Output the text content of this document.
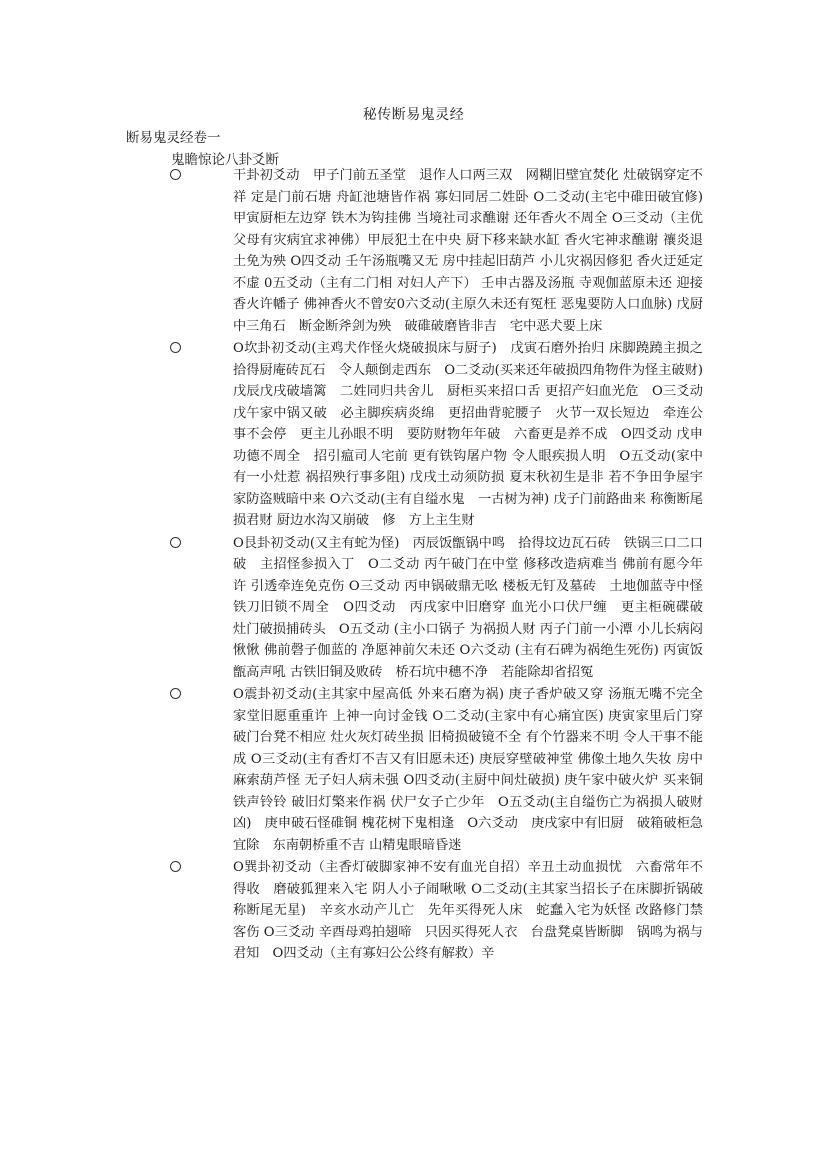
秘传断易鬼灵经
断易鬼灵经卷一
鬼瞻惊论八卦爻断
干卦初爻动　甲子门前五圣堂　退作人口两三双　网糊旧壁宜焚化 灶破锅穿定不祥 定是门前石塘 舟缸池塘皆作祸 寡妇同居二姓卧 O二爻动(主宅中碓田破宜修) 甲寅厨柜左边穿 铁木为钩挂佛 当境社司求醮谢 还年香火不周全 O三爻动（主优父母有灾病宜求神佛）甲辰犯土在中央 厨下移来缺水缸 香火宅神求醮谢 禳炎退土免为殃 O四爻动 壬午汤瓶嘴又无 房中挂起旧葫芦 小儿灾祸因修犯 香火迂延定不虚 0五爻动（主有二门相 对妇人产下） 壬申古器及汤瓶 寺观伽蓝原未还 迎接香火许幡子 佛神香火不曾安0六爻动(主原久未还有冤枉 恶鬼要防人口血脉) 戊厨中三角石　断金断斧剑为殃　破碓破磨皆非吉　宅中恶犬要上床
O坎卦初爻动(主鸡犬作怪火烧破损床与厨子)　戊寅石磨外抬归 床脚蹺蹺主损之　拾得厨庵砖瓦石　令人颠倒走西东　O二爻动(买来还年破损四角物件为怪主破财)　戊辰戊戌破墙篱　二姓同归共舍儿　厨柜买来招口舌 更招产妇血光危　O三爻动　戊午家中锅又破　必主脚疾病炎绵　更招曲背驼腰子　火节一双长短边　牵连公事不会停　更主儿孙眼不明　要防财物年年破　六畜更是养不成　O四爻动 戊申功德不周全　招引瘟司人宅前 更有铁钩屠户物 令人眼疾损人明　O五爻动(家中有一小灶惹 祸招殃行事多阻) 戊戌土动须防损 夏末秋初生是非 若不争田争屋宇 家防盗贼暗中来 O六爻动(主有自缢水鬼　一古树为神) 戊子门前路曲来 称衡断尾损君财 厨边水沟又崩破　修　方上主生财
O艮卦初爻动(又主有蛇为怪)　丙辰饭甑锅中鸣　拾得坟边瓦石砖　铁锅三口二口破　主招怪参损入丁　O二爻动 丙午破门在中堂 修移改造病难当 佛前有愿今年许 引透牵连免克伤 O三爻动 丙申锅破鼎无吆 楼板无钉及墓砖　土地伽蓝寺中怪 铁刀旧锁不周全　O四爻动　丙戌家中旧磨穿 血光小口伏尸缠　更主柜碗碟破　灶门破损捕砖头　O五爻动 (主小口锅子 为祸损人财 丙子门前一小潭 小儿长病闷愀愀 佛前磬子伽蓝的 净愿神前欠未还 O六爻动 (主有石碑为祸绝生死伤) 丙寅饭甑高声吼 古铁旧铜及败砖　桥石坑中穗不净　若能除却省招冤
O震卦初爻动(主其家中屋高低 外来石磨为祸) 庚子香炉破又穿 汤瓶无嘴不完全 家堂旧愿重重许 上神一向讨金钱 O二爻动(主家中有心痛宜医) 庚寅家里后门穿 破门台凳不相应 灶火灰灯砖坐损 旧椅损破镜不全 有个竹器来不明 令人干事不能成 O三爻动(主有香灯不吉又有旧愿未还) 庚辰穿壁破神堂 佛像土地久失妆 房中麻索葫芦怪 无子妇人病未强 O四爻动(主厨中间灶破损) 庚午家中破火炉 买来铜铁声铃铃 破旧灯檠来作祸 伏尸女子亡少年　O五爻动(主自缢伤亡为祸损人破财凶)　庚申破石怪碓铜 槐花树下鬼相逢　O六爻动　庚戌家中有旧厨　破箱破柜急宜除　东南朝桥重不吉 山精鬼眼暗昏迷
O巽卦初爻动（主香灯破脚家神不安有血光自招）辛丑土动血损忧　六畜常年不得收　磨破狐狸来入宅 阴人小子闹啾啾 O二爻动(主其家当招长子在床脚折锅破称断尾无星)　辛亥水动产儿亡　先年买得死人床　蛇蠢入宅为妖怪 改路修门禁客伤 O三爻动 辛酉母鸡拍翅啼　只因买得死人衣　台盘凳桌皆断脚　锅鸣为祸与君知　O四爻动（主有寡妇公公终有解救）辛
